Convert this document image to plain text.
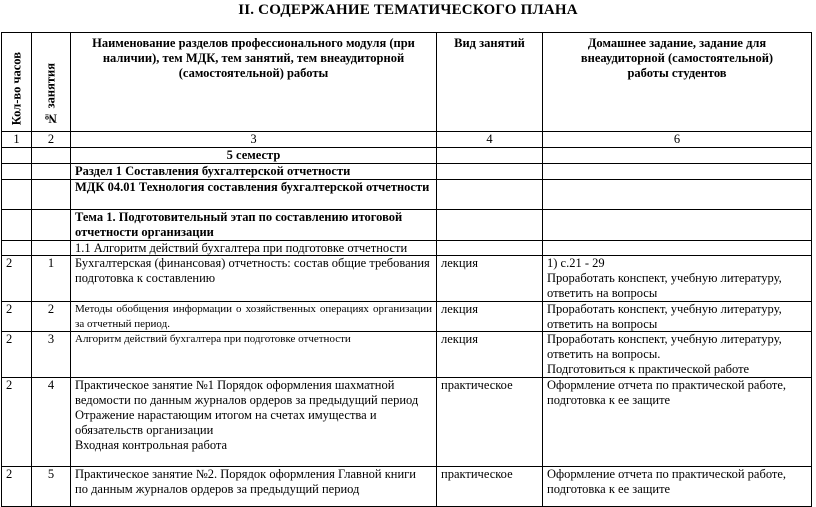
II. СОДЕРЖАНИЕ ТЕМАТИЧЕСКОГО ПЛАНА
Кол-во часов	№ занятия	Наименование разделов профессионального модуля (при наличии), тем МДК, тем занятий, тем внеаудиторной (самостоятельной) работы	Вид занятий	Домашнее задание, задание для внеаудиторной (самостоятельной) работы студентов
1	2	3	4	6
		5 семестр		
		Раздел 1 Составления бухгалтерской отчетности		
		МДК 04.01 Технология составления бухгалтерской отчетности		
		Тема 1. Подготовительный этап по составлению итоговой отчетности организации		
		1.1 Алгоритм действий бухгалтера при подготовке отчетности		
2	1	Бухгалтерская (финансовая) отчетность: состав общие требования подготовка к составлению	лекция	1) с.21 - 29
Проработать конспект, учебную литературу, ответить на вопросы
2	2	Методы обобщения информации о хозяйственных операциях организации за отчетный период.	лекция	Проработать конспект, учебную литературу, ответить на вопросы
2	3	Алгоритм действий бухгалтера при подготовке отчетности	лекция	Проработать конспект, учебную литературу, ответить на вопросы.
Подготовиться к практической работе
2	4	Практическое занятие №1 Порядок оформления шахматной ведомости по данным журналов ордеров за предыдущий период
Отражение нарастающим итогом на счетах имущества и обязательств организации
Входная контрольная работа	практическое	Оформление отчета по практической работе, подготовка к ее защите
2	5	Практическое занятие №2. Порядок оформления Главной книги по данным журналов ордеров за предыдущий период	практическое	Оформление отчета по практической работе, подготовка к ее защите
